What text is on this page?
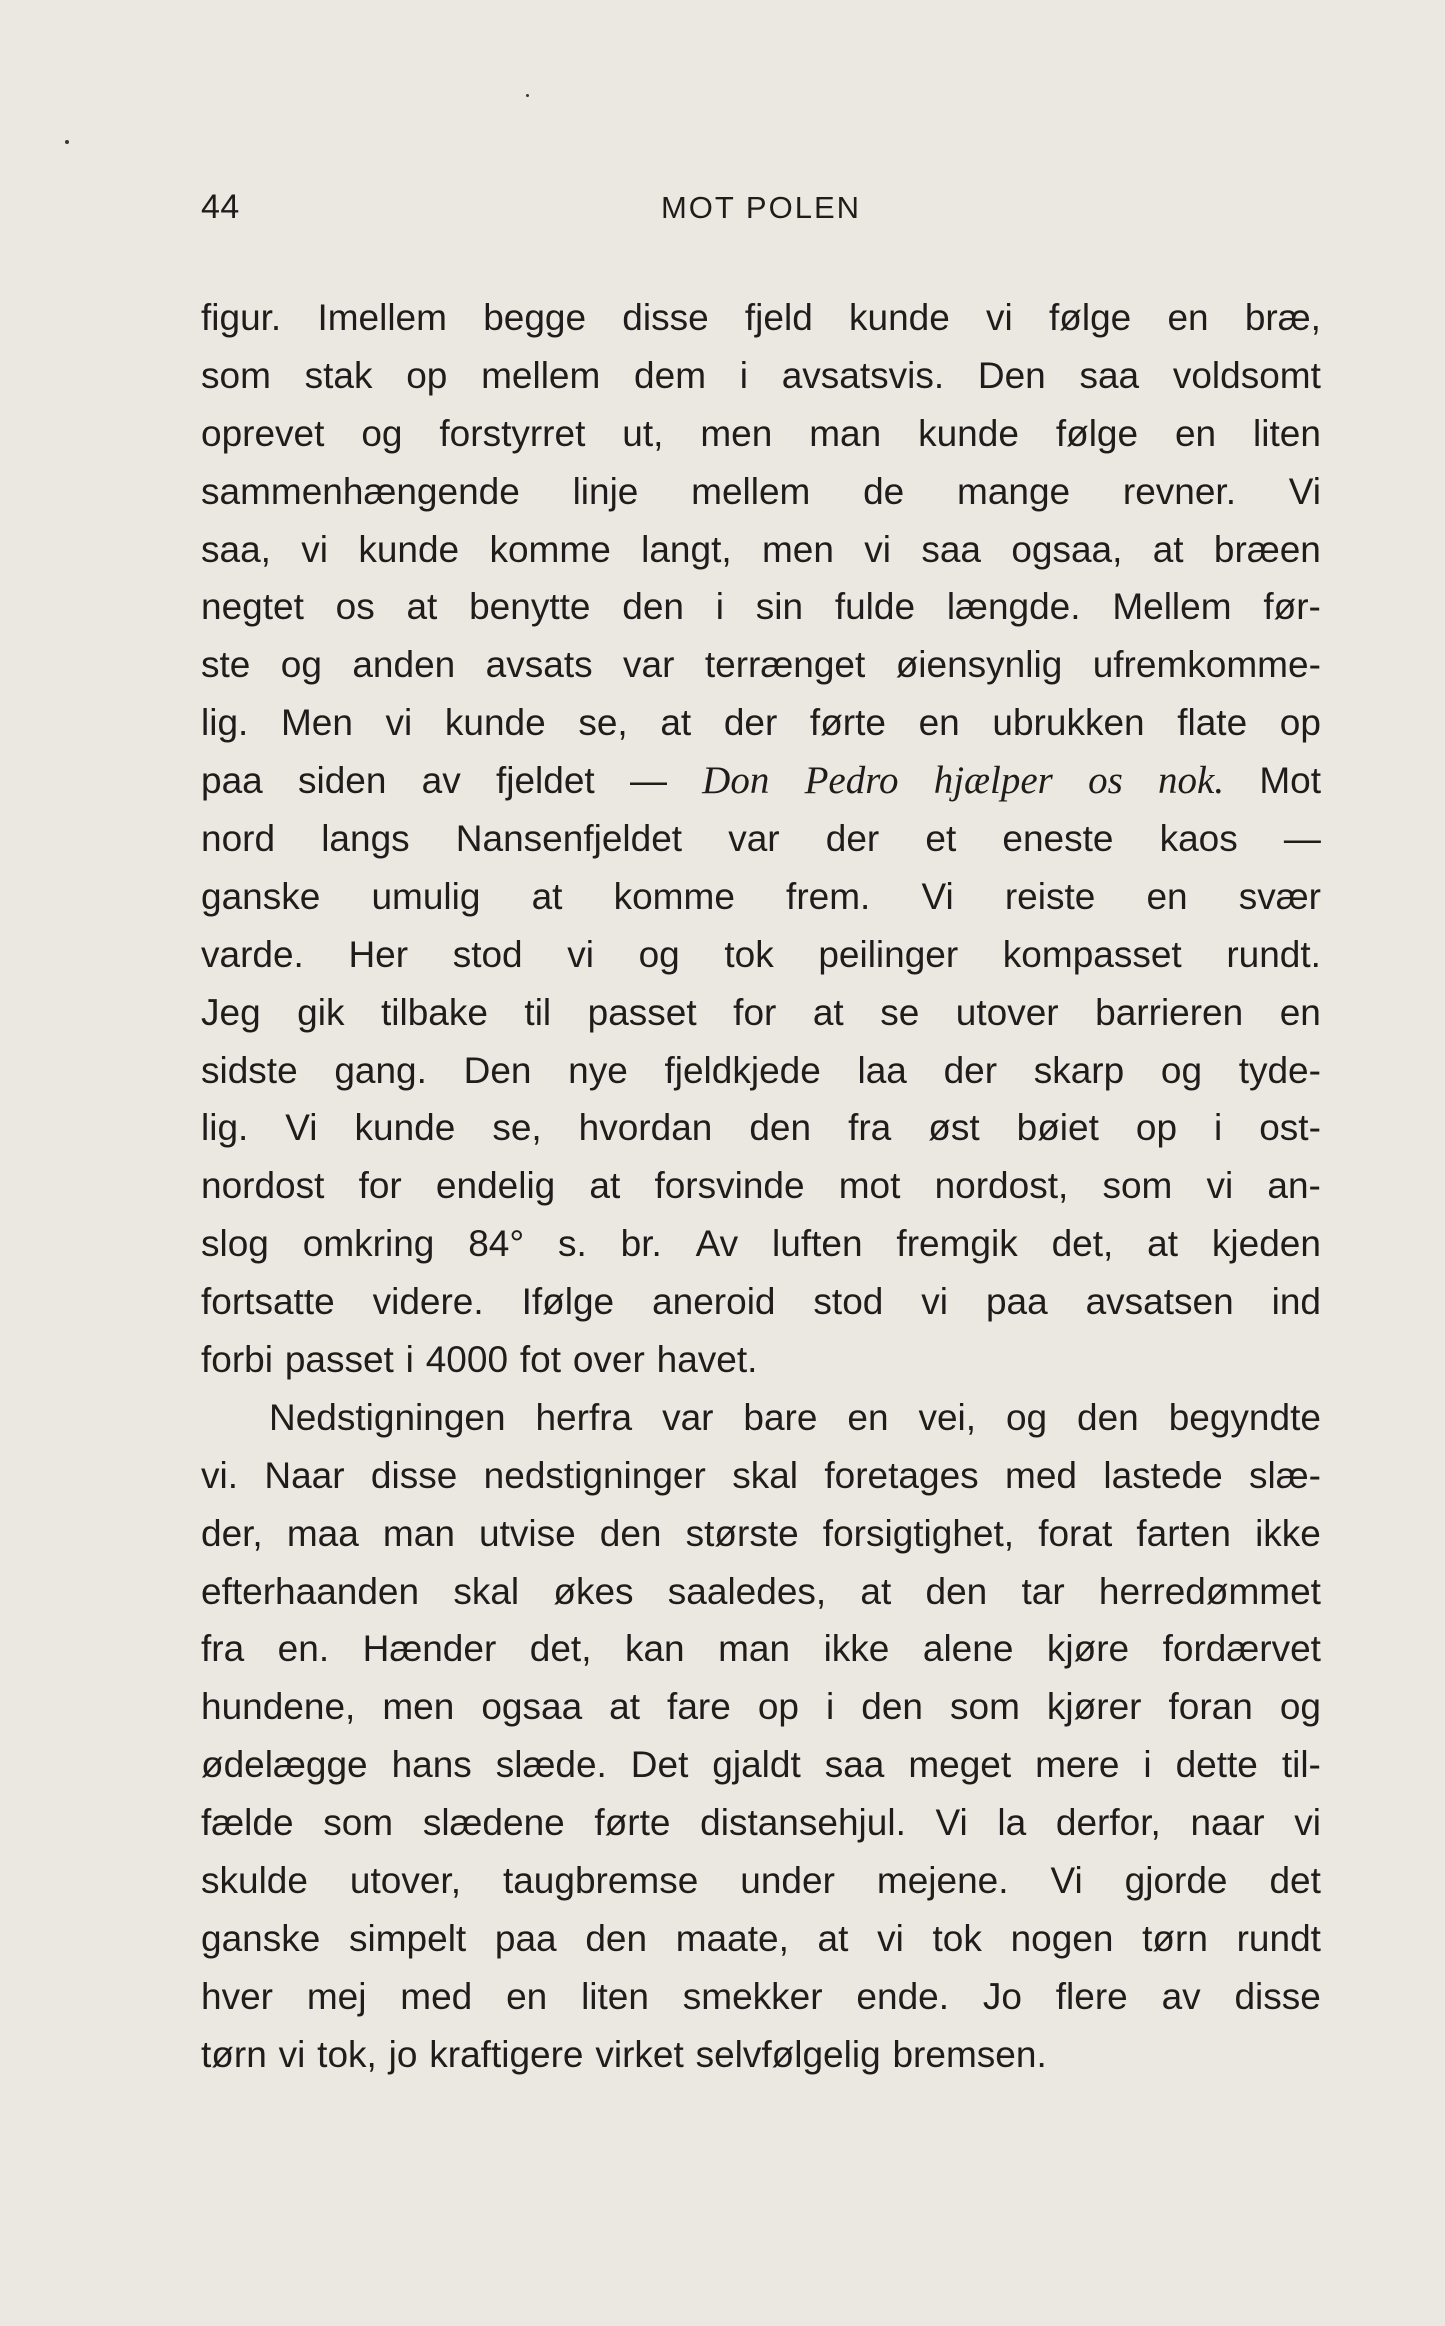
44	MOT POLEN
figur. Imellem begge disse fjeld kunde vi følge en bræ,
som stak op mellem dem i avsatsvis. Den saa voldsomt
oprevet og forstyrret ut, men man kunde følge en liten
sammenhængende linje mellem de mange revner. Vi
saa, vi kunde komme langt, men vi saa ogsaa, at bræen
negtet os at benytte den i sin fulde længde. Mellem før-
ste og anden avsats var terrænget øiensynlig ufremkomme-
lig. Men vi kunde se, at der førte en ubrukken flate op
paa siden av fjeldet — Don Pedro hjælper os nok. Mot
nord langs Nansenfjeldet var der et eneste kaos —
ganske umulig at komme frem. Vi reiste en svær
varde. Her stod vi og tok peilinger kompasset rundt.
Jeg gik tilbake til passet for at se utover barrieren en
sidste gang. Den nye fjeldkjede laa der skarp og tyde-
lig. Vi kunde se, hvordan den fra øst bøiet op i ost-
nordost for endelig at forsvinde mot nordost, som vi an-
slog omkring 84° s. br. Av luften fremgik det, at kjeden
fortsatte videre. Ifølge aneroid stod vi paa avsatsen ind
forbi passet i 4000 fot over havet.
Nedstigningen herfra var bare en vei, og den begyndte
vi. Naar disse nedstigninger skal foretages med lastede slæ-
der, maa man utvise den største forsigtighet, forat farten ikke
efterhaanden skal økes saaledes, at den tar herredømmet
fra en. Hænder det, kan man ikke alene kjøre fordærvet
hundene, men ogsaa at fare op i den som kjører foran og
ødelægge hans slæde. Det gjaldt saa meget mere i dette til-
fælde som slædene førte distansehjul. Vi la derfor, naar vi
skulde utover, taugbremse under mejene. Vi gjorde det
ganske simpelt paa den maate, at vi tok nogen tørn rundt
hver mej med en liten smekker ende. Jo flere av disse
tørn vi tok, jo kraftigere virket selvfølgelig bremsen.
